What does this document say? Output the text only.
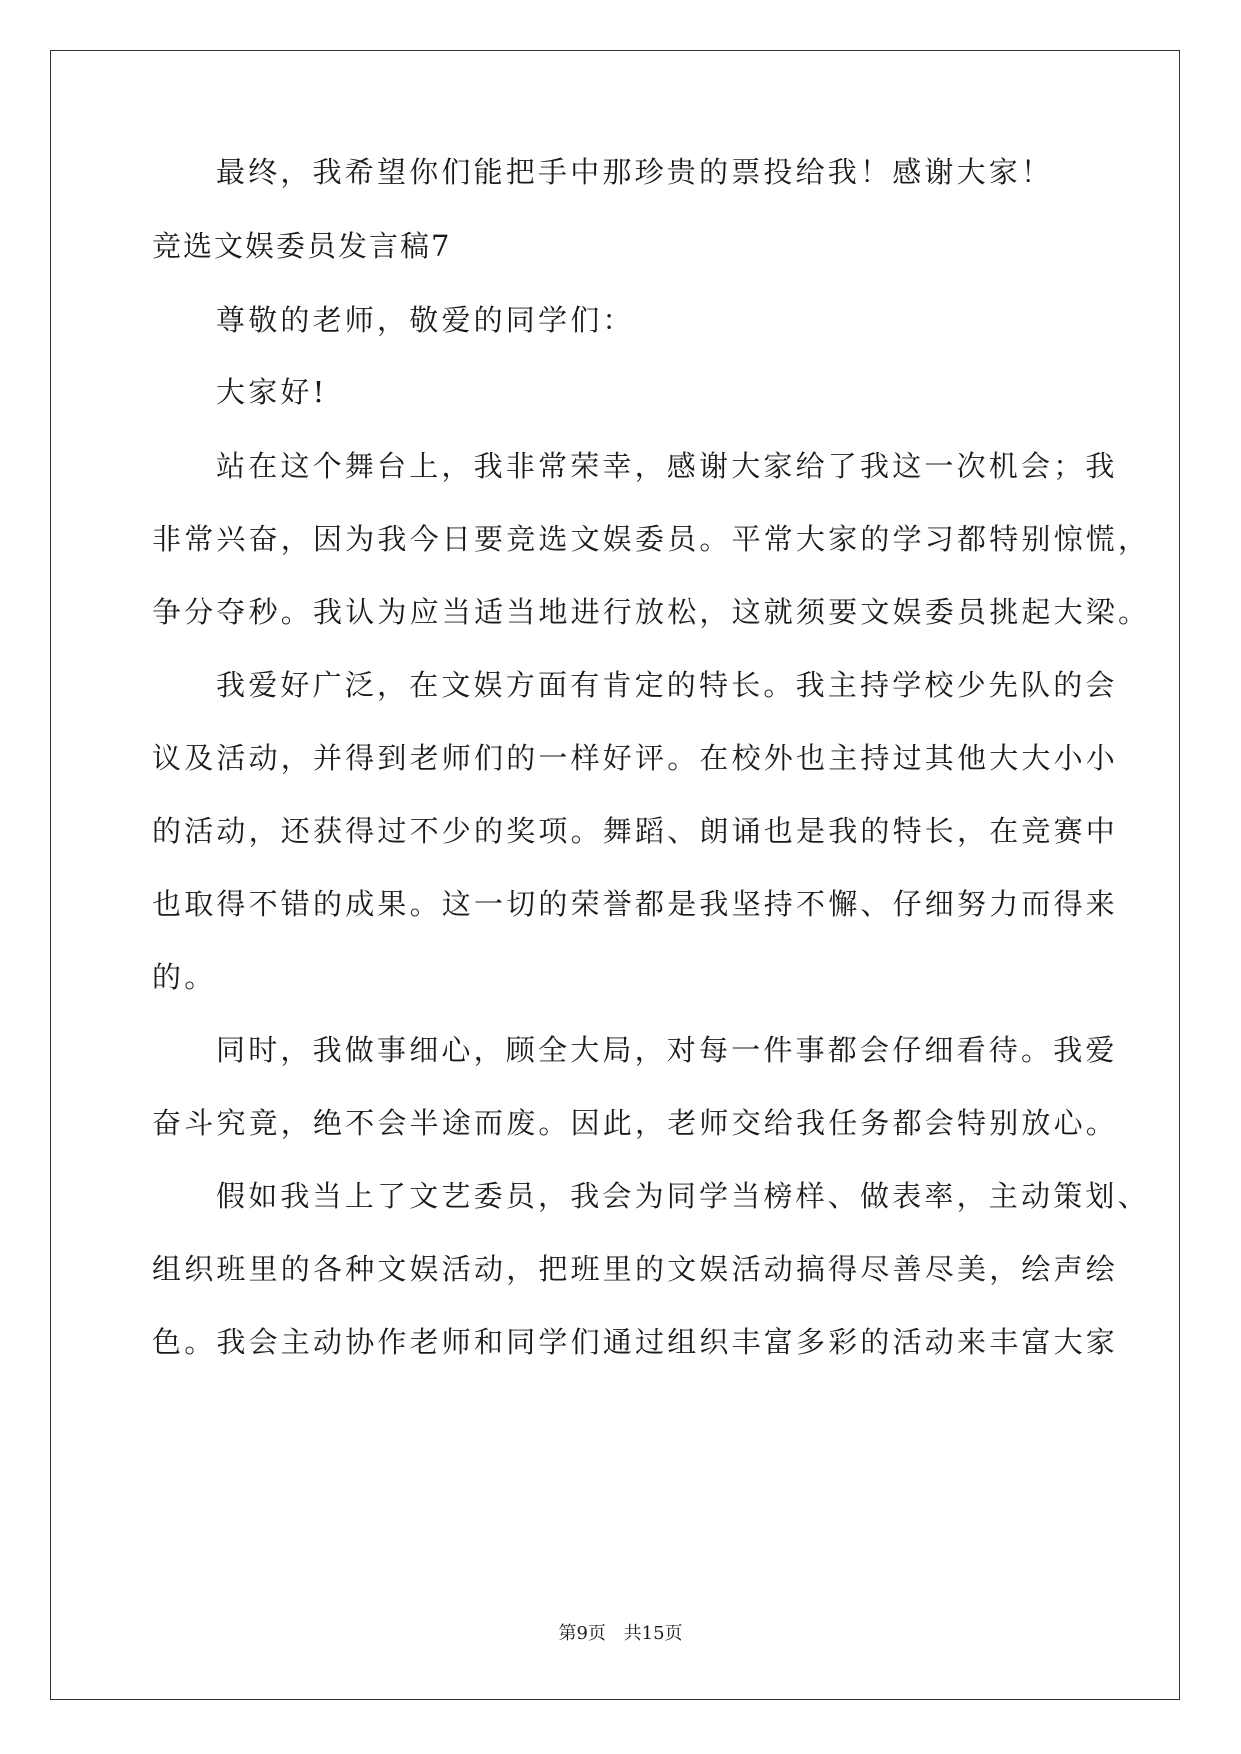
最终，我希望你们能把手中那珍贵的票投给我！感谢大家！
竞选文娱委员发言稿7
尊敬的老师，敬爱的同学们：
大家好!
站在这个舞台上，我非常荣幸，感谢大家给了我这一次机会；我
非常兴奋，因为我今日要竞选文娱委员。平常大家的学习都特别惊慌，
争分夺秒。我认为应当适当地进行放松，这就须要文娱委员挑起大梁。
我爱好广泛，在文娱方面有肯定的特长。我主持学校少先队的会
议及活动，并得到老师们的一样好评。在校外也主持过其他大大小小
的活动，还获得过不少的奖项。舞蹈、朗诵也是我的特长，在竞赛中
也取得不错的成果。这一切的荣誉都是我坚持不懈、仔细努力而得来
的。
同时，我做事细心，顾全大局，对每一件事都会仔细看待。我爱
奋斗究竟，绝不会半途而废。因此，老师交给我任务都会特别放心。
假如我当上了文艺委员，我会为同学当榜样、做表率，主动策划、
组织班里的各种文娱活动，把班里的文娱活动搞得尽善尽美，绘声绘
色。我会主动协作老师和同学们通过组织丰富多彩的活动来丰富大家
第9页 共15页
